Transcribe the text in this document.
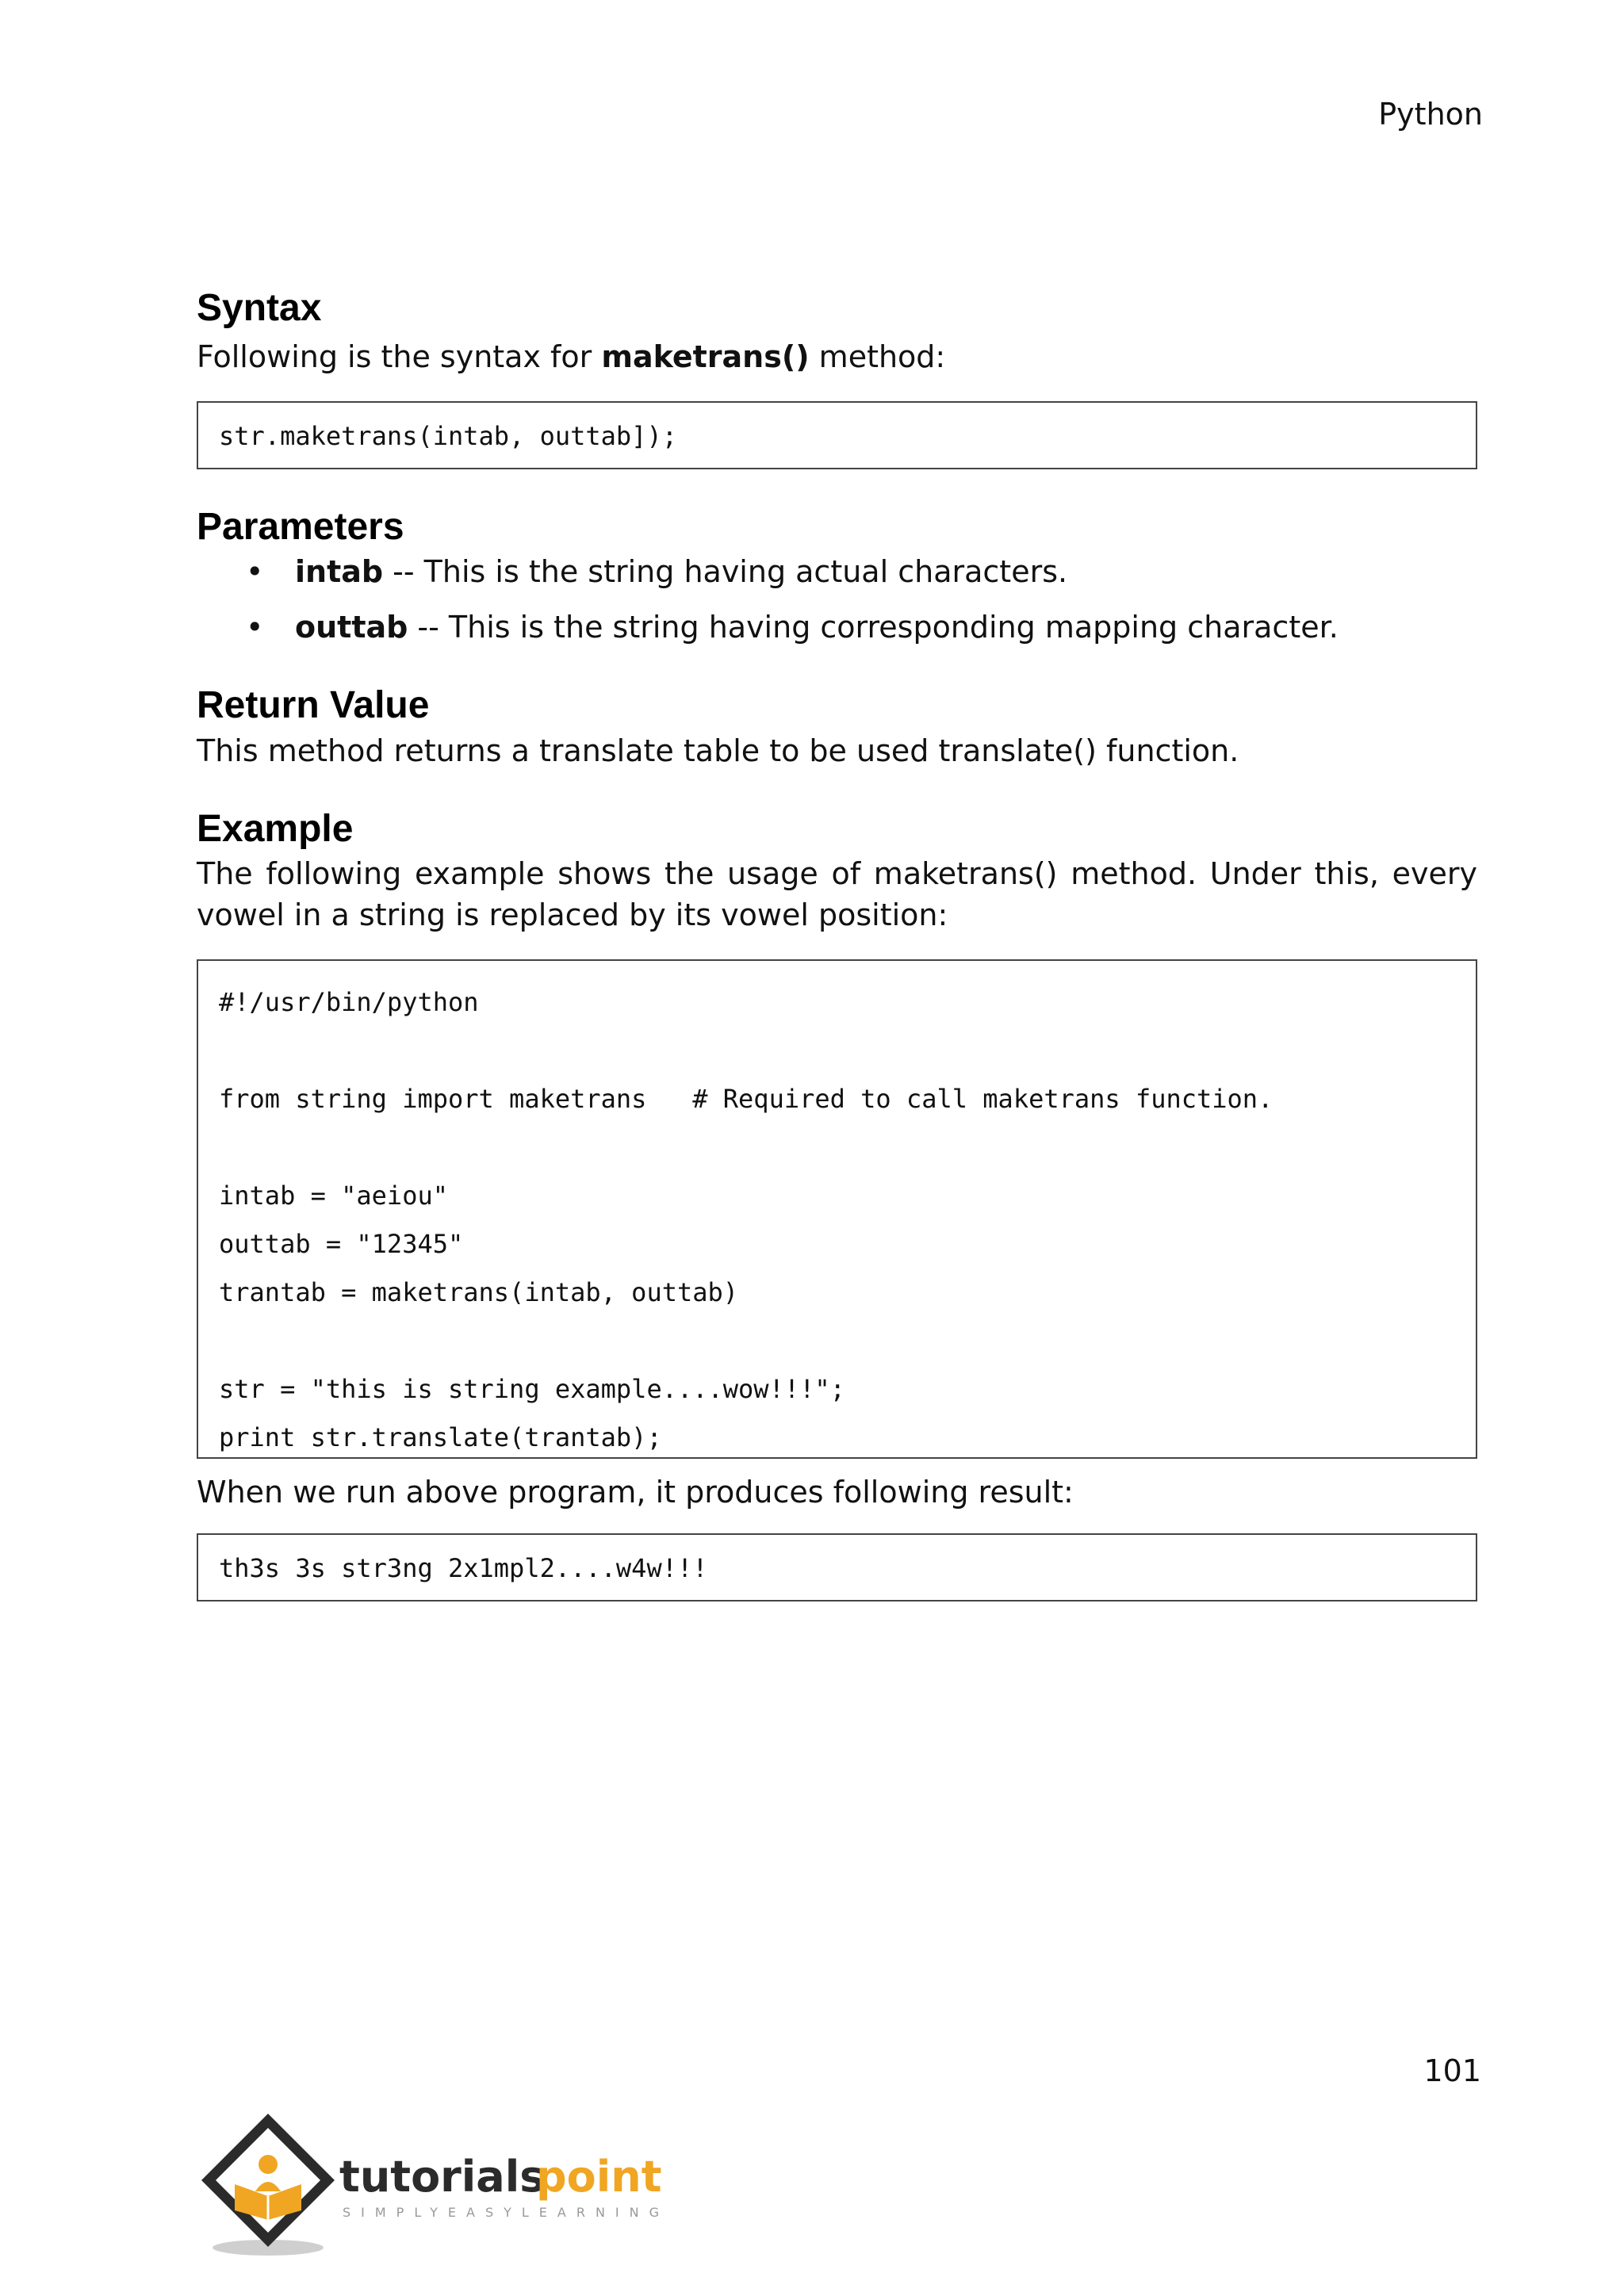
Python
Syntax

Following is the syntax for maketrans() method:

str.maketrans(intab, outtab]);
Parameters
• intab -- This is the string having actual characters.
• outtab -- This is the string having corresponding mapping character.
Return Value

This method returns a translate table to be used translate() function.

Example

The following example shows the usage of maketrans() method. Under this, every vowel in a string is replaced by its vowel position:

#!/usr/bin/python
from string import maketrans   # Required to call maketrans function.
intab = "aeiou"
outtab = "12345"
trantab = maketrans(intab, outtab)
str = "this is string example....wow!!!";
print str.translate(trantab);

When we run above program, it produces following result:

th3s 3s str3ng 2x1mpl2....w4w!!!
101
tutorials
point
SIMPLYEASYLEARNING
